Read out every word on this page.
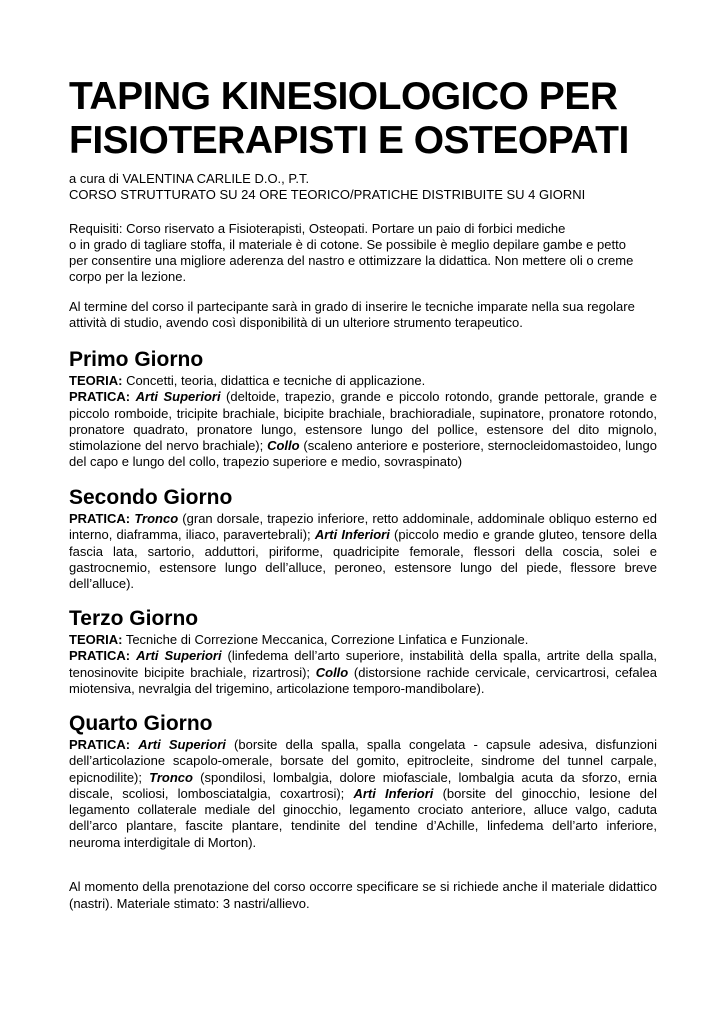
TAPING KINESIOLOGICO PER
FISIOTERAPISTI E OSTEOPATI
a cura di VALENTINA CARLILE D.O., P.T.
CORSO STRUTTURATO SU 24 ORE TEORICO/PRATICHE DISTRIBUITE SU 4 GIORNI
Requisiti: Corso riservato a Fisioterapisti, Osteopati. Portare un paio di forbici mediche
o in grado di tagliare stoffa, il materiale è di cotone. Se possibile è meglio depilare gambe e petto
per consentire una migliore aderenza del nastro e ottimizzare la didattica. Non mettere oli o creme
corpo per la lezione.
Al termine del corso il partecipante sarà in grado di inserire le tecniche imparate nella sua regolare
attività di studio, avendo così disponibilità di un ulteriore strumento terapeutico.
Primo Giorno

TEORIA: Concetti, teoria, didattica e tecniche di applicazione.

PRATICA: Arti Superiori (deltoide, trapezio, grande e piccolo rotondo, grande pettorale, grande e piccolo romboide, tricipite brachiale, bicipite brachiale, brachioradiale, supinatore, pronatore rotondo, pronatore quadrato, pronatore lungo, estensore lungo del pollice, estensore del dito mignolo, stimolazione del nervo brachiale); Collo (scaleno anteriore e posteriore, sternocleidomastoideo, lungo del capo e lungo del collo, trapezio superiore e medio, sovraspinato)

Secondo Giorno

PRATICA: Tronco (gran dorsale, trapezio inferiore, retto addominale, addominale obliquo esterno ed interno, diaframma, iliaco, paravertebrali); Arti Inferiori (piccolo medio e grande gluteo, tensore della fascia lata, sartorio, adduttori, piriforme, quadricipite femorale, flessori della coscia, solei e gastrocnemio, estensore lungo dell’alluce, peroneo, estensore lungo del piede, flessore breve dell’alluce).

Terzo Giorno

TEORIA: Tecniche di Correzione Meccanica, Correzione Linfatica e Funzionale.

PRATICA: Arti Superiori (linfedema dell’arto superiore, instabilità della spalla, artrite della spalla, tenosinovite bicipite brachiale, rizartrosi); Collo (distorsione rachide cervicale, cervicartrosi, cefalea miotensiva, nevralgia del trigemino, articolazione temporo-mandibolare).

Quarto Giorno

PRATICA: Arti Superiori (borsite della spalla, spalla congelata - capsule adesiva, disfunzioni dell’articolazione scapolo-omerale, borsate del gomito, epitrocleite, sindrome del tunnel carpale, epicnodilite); Tronco (spondilosi, lombalgia, dolore miofasciale, lombalgia acuta da sforzo, ernia discale, scoliosi, lombosciatalgia, coxartrosi); Arti Inferiori (borsite del ginocchio, lesione del legamento collaterale mediale del ginocchio, legamento crociato anteriore, alluce valgo, caduta dell’arco plantare, fascite plantare, tendinite del tendine d’Achille, linfedema dell’arto inferiore, neuroma interdigitale di Morton).

Al momento della prenotazione del corso occorre specificare se si richiede anche il materiale didattico (nastri). Materiale stimato: 3 nastri/allievo.
